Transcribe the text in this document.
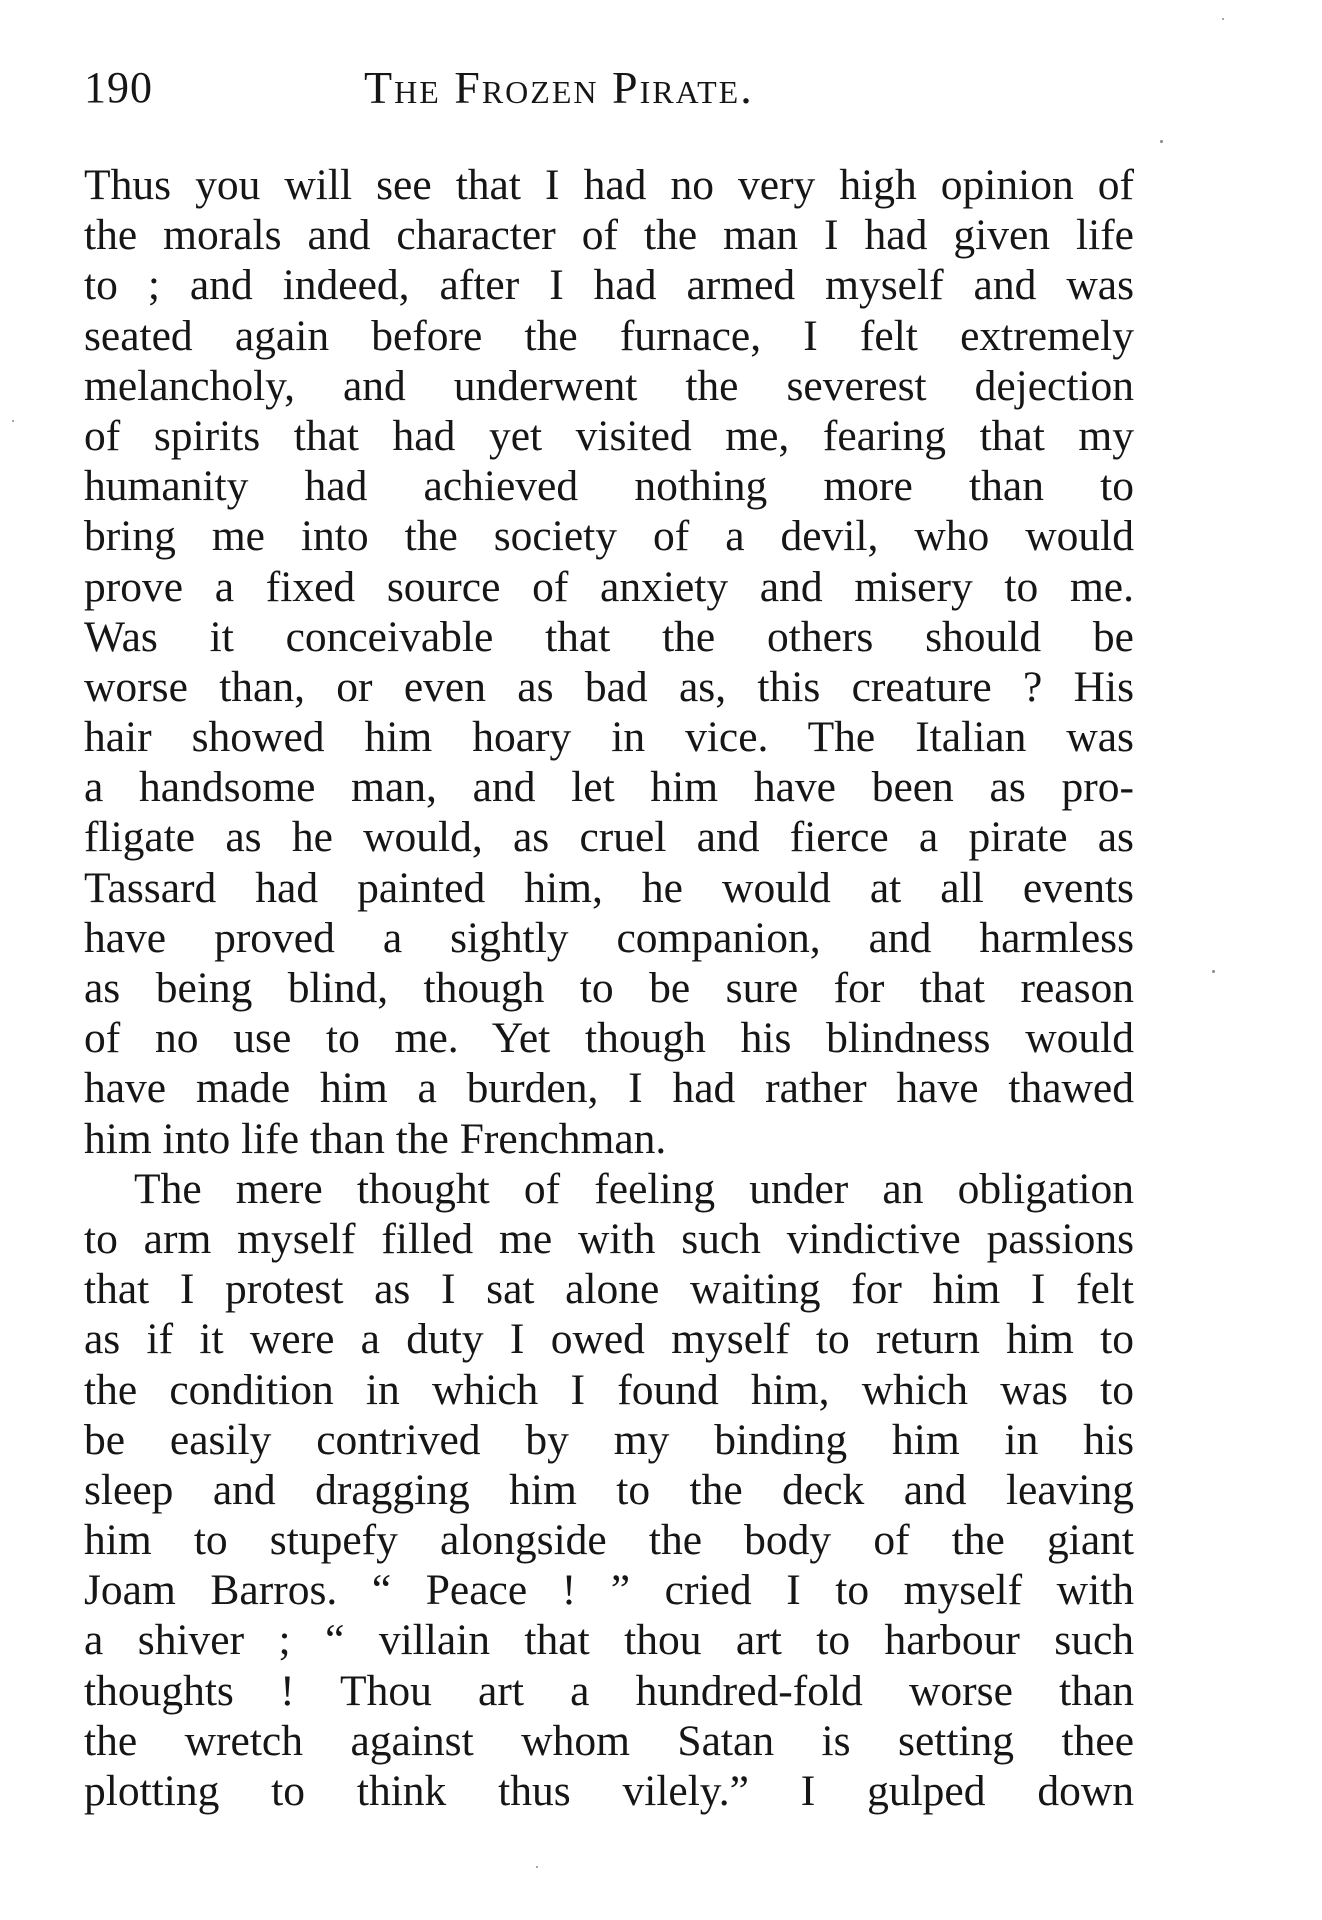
190	The Frozen Pirate.
Thus you will see that I had no very high opinion of
the morals and character of the man I had given life
to ; and indeed, after I had armed myself and was
seated again before the furnace, I felt extremely
melancholy, and underwent the severest dejection
of spirits that had yet visited me, fearing that my
humanity had achieved nothing more than to
bring me into the society of a devil, who would
prove a fixed source of anxiety and misery to me.
Was it conceivable that the others should be
worse than, or even as bad as, this creature ? His
hair showed him hoary in vice. The Italian was
a handsome man, and let him have been as pro-
fligate as he would, as cruel and fierce a pirate as
Tassard had painted him, he would at all events
have proved a sightly companion, and harmless
as being blind, though to be sure for that reason
of no use to me. Yet though his blindness would
have made him a burden, I had rather have thawed
him into life than the Frenchman.
The mere thought of feeling under an obligation
to arm myself filled me with such vindictive passions
that I protest as I sat alone waiting for him I felt
as if it were a duty I owed myself to return him to
the condition in which I found him, which was to
be easily contrived by my binding him in his
sleep and dragging him to the deck and leaving
him to stupefy alongside the body of the giant
Joam Barros. “ Peace ! ” cried I to myself with
a shiver ; “ villain that thou art to harbour such
thoughts ! Thou art a hundred-fold worse than
the wretch against whom Satan is setting thee
plotting to think thus vilely.” I gulped down
